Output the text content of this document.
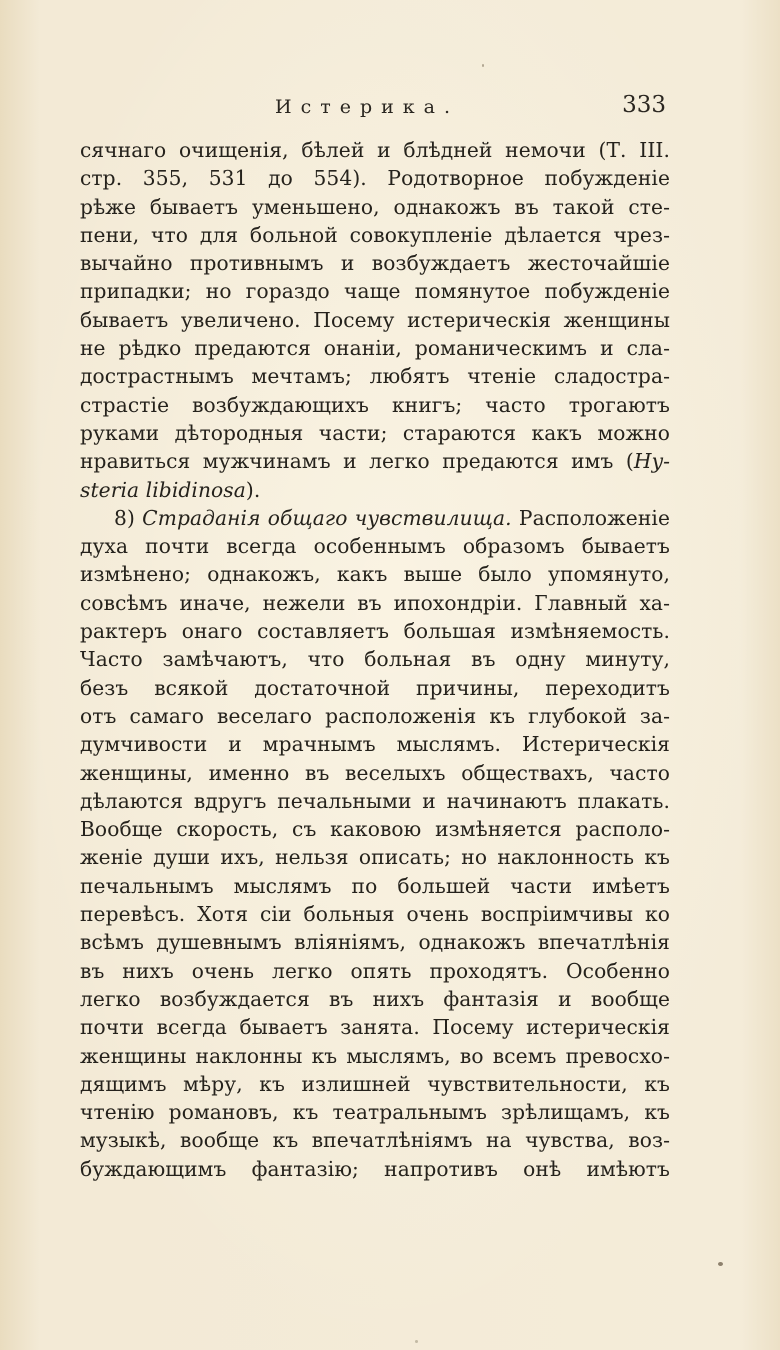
Истерика.	333
сячнаго очищенія, бѣлей и блѣдней немочи (Т. III.
стр. 355, 531 до 554). Родотворное побужденіе
рѣже бываетъ уменьшено, однакожъ въ такой сте-
пени, что для больной совокупленіе дѣлается чрез-
вычайно противнымъ и возбуждаетъ жесточайшіе
припадки; но гораздо чаще помянутое побужденіе
бываетъ увеличено. Посему истерическія женщины
не рѣдко предаются онаніи, романическимъ и сла-
дострастнымъ мечтамъ; любятъ чтеніе сладостра-
страстіе возбуждающихъ книгъ; часто трогаютъ
руками дѣтородныя части; стараются какъ можно
нравиться мужчинамъ и легко предаются имъ (Hy-
steria libidinosa).
8) Страданія общаго чувствилища. Расположеніе
духа почти всегда особеннымъ образомъ бываетъ
измѣнено; однакожъ, какъ выше было упомянуто,
совсѣмъ иначе, нежели въ ипохондріи. Главный ха-
рактеръ онаго составляетъ большая измѣняемость.
Часто замѣчаютъ, что больная въ одну минуту,
безъ всякой достаточной причины, переходитъ
отъ самаго веселаго расположенія къ глубокой за-
думчивости и мрачнымъ мыслямъ. Истерическія
женщины, именно въ веселыхъ обществахъ, часто
дѣлаются вдругъ печальными и начинаютъ плакать.
Вообще скорость, съ каковою измѣняется располо-
женіе души ихъ, нельзя описать; но наклонность къ
печальнымъ мыслямъ по большей части имѣетъ
перевѣсъ. Хотя сіи больныя очень воспріимчивы ко
всѣмъ душевнымъ вліяніямъ, однакожъ впечатлѣнія
въ нихъ очень легко опять проходятъ. Особенно
легко возбуждается въ нихъ фантазія и вообще
почти всегда бываетъ занята. Посему истерическія
женщины наклонны къ мыслямъ, во всемъ превосхо-
дящимъ мѣру, къ излишней чувствительности, къ
чтенію романовъ, къ театральнымъ зрѣлищамъ, къ
музыкѣ, вообще къ впечатлѣніямъ на чувства, воз-
буждающимъ фантазію; напротивъ онѣ имѣютъ
